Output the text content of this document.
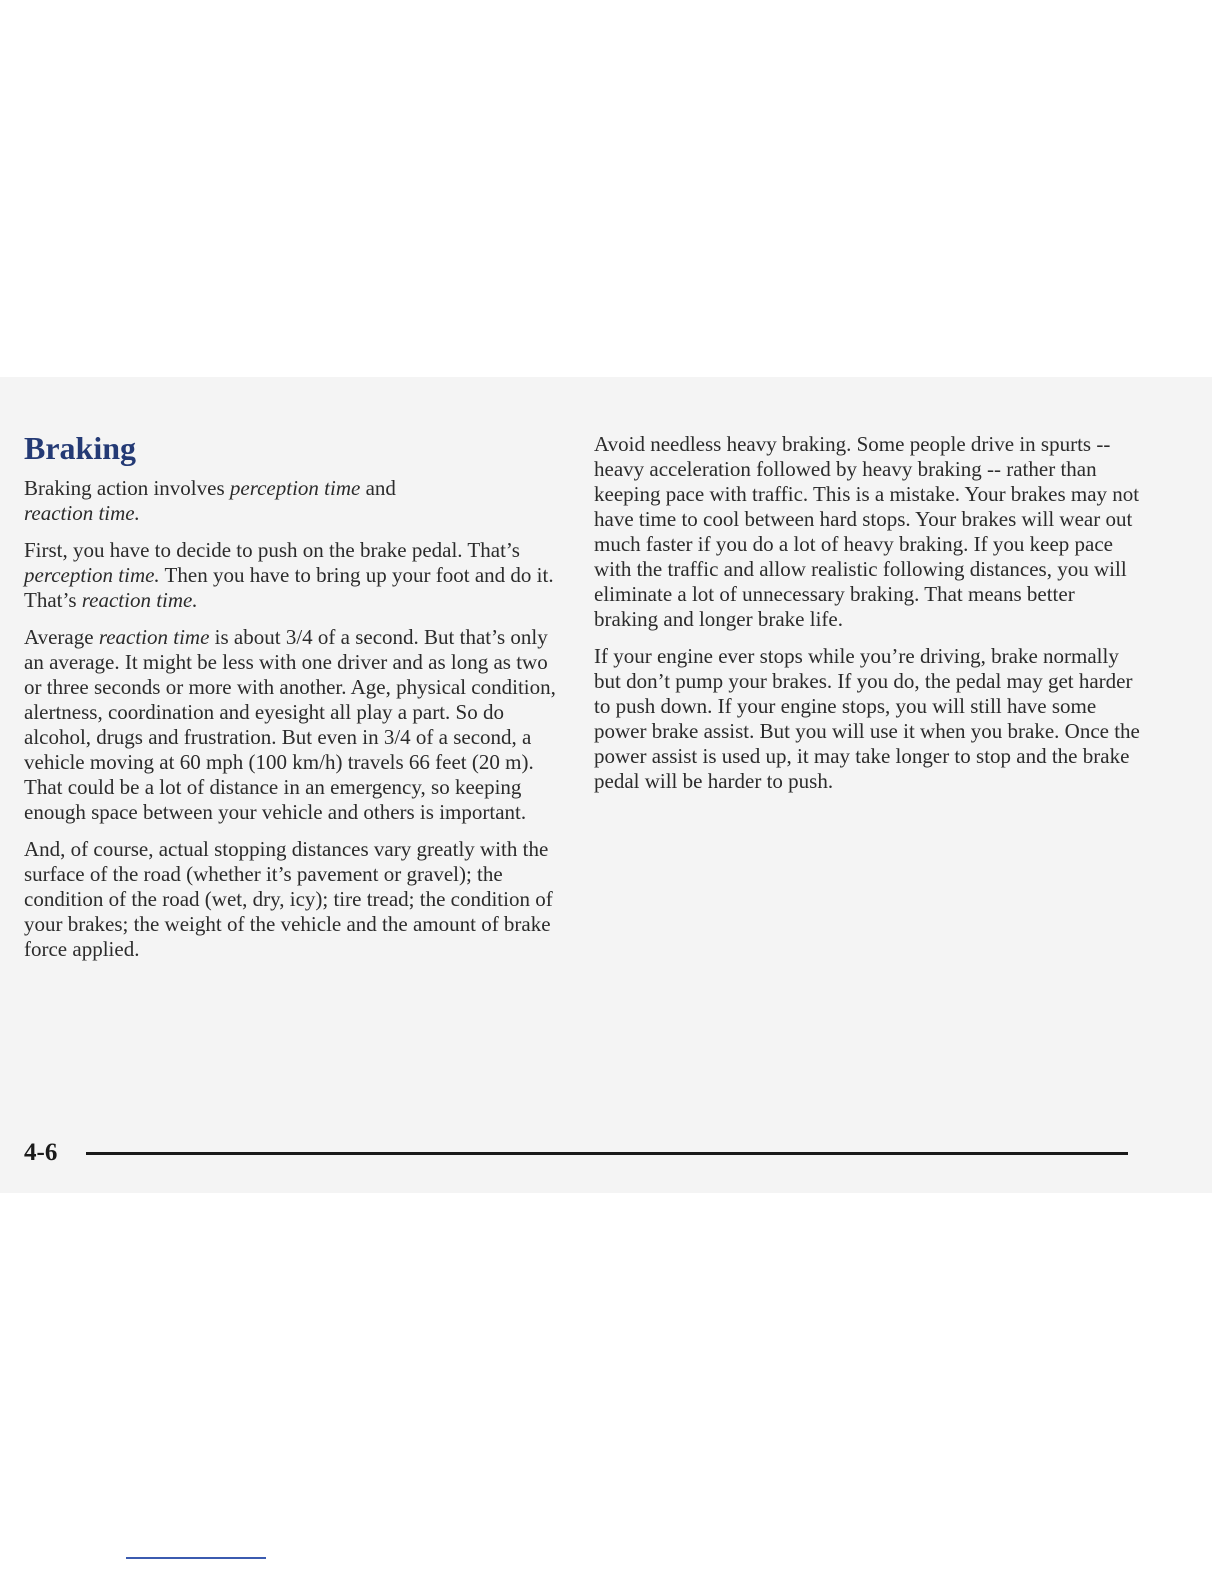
Braking

Braking action involves perception time and
reaction time.

First, you have to decide to push on the brake pedal. That’s perception time. Then you have to bring up your foot and do it. That’s reaction time.

Average reaction time is about 3/4 of a second. But that’s only an average. It might be less with one driver and as long as two or three seconds or more with another. Age, physical condition, alertness, coordination and eyesight all play a part. So do alcohol, drugs and frustration. But even in 3/4 of a second, a vehicle moving at 60 mph (100 km/h) travels 66 feet (20 m). That could be a lot of distance in an emergency, so keeping enough space between your vehicle and others is important.

And, of course, actual stopping distances vary greatly with the surface of the road (whether it’s pavement or gravel); the condition of the road (wet, dry, icy); tire tread; the condition of your brakes; the weight of the vehicle and the amount of brake force applied.

Avoid needless heavy braking. Some people drive in spurts -- heavy acceleration followed by heavy braking -- rather than keeping pace with traffic. This is a mistake. Your brakes may not have time to cool between hard stops. Your brakes will wear out much faster if you do a lot of heavy braking. If you keep pace with the traffic and allow realistic following distances, you will eliminate a lot of unnecessary braking. That means better braking and longer brake life.

If your engine ever stops while you’re driving, brake normally but don’t pump your brakes. If you do, the pedal may get harder to push down. If your engine stops, you will still have some power brake assist. But you will use it when you brake. Once the power assist is used up, it may take longer to stop and the brake pedal will be harder to push.

4-6
